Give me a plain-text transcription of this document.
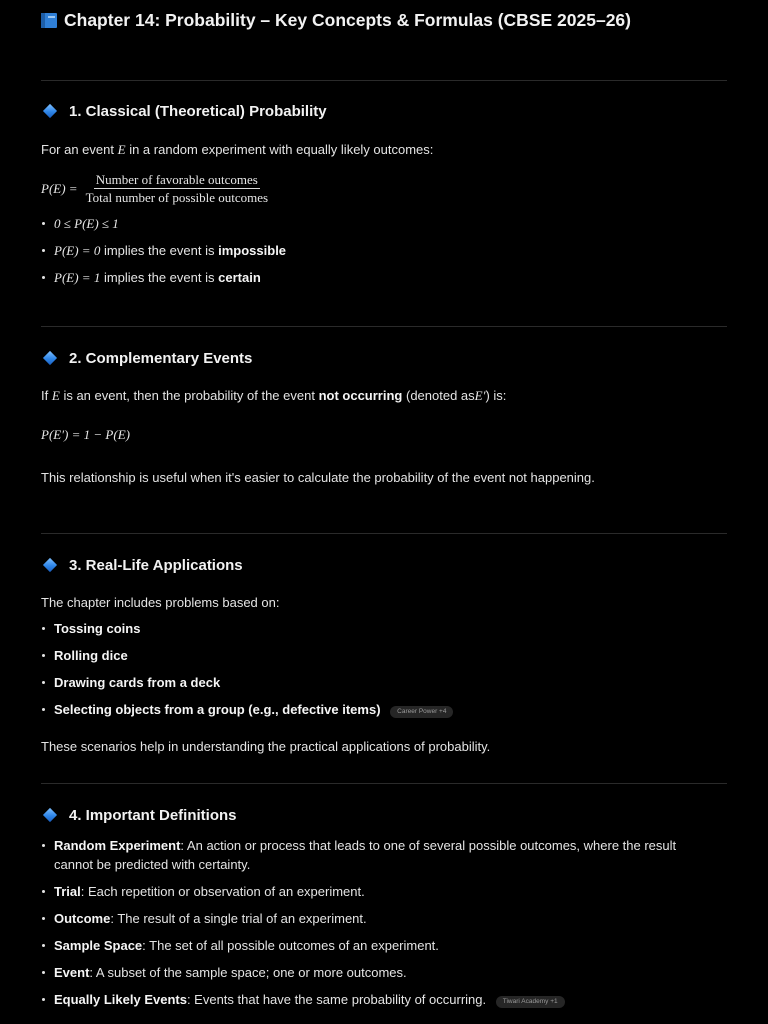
Chapter 14: Probability – Key Concepts & Formulas (CBSE 2025–26)
1. Classical (Theoretical) Probability

For an event E in a random experiment with equally likely outcomes:

$P(E) = \frac{\text{Number of favorable outcomes}}{\text{Total number of possible outcomes}}$
0 ≤ P(E) ≤ 1
P(E) = 0 implies the event is impossible
P(E) = 1 implies the event is certain
2. Complementary Events

If E is an event, then the probability of the event not occurring (denoted asE′) is:

P(E′) = 1 − P(E)

This relationship is useful when it's easier to calculate the probability of the event not happening.

3. Real-Life Applications

The chapter includes problems based on:

Tossing coins
Rolling dice
Drawing cards from a deck
Selecting objects from a group (e.g., defective items)	Career Power +4

These scenarios help in understanding the practical applications of probability.

4. Important Definitions
Random Experiment: An action or process that leads to one of several possible outcomes, where the result cannot be predicted with certainty.
Trial: Each repetition or observation of an experiment.
Outcome: The result of a single trial of an experiment.
Sample Space: The set of all possible outcomes of an experiment.
Event: A subset of the sample space; one or more outcomes.
Equally Likely Events: Events that have the same probability of occurring.	Tiwari Academy +1
